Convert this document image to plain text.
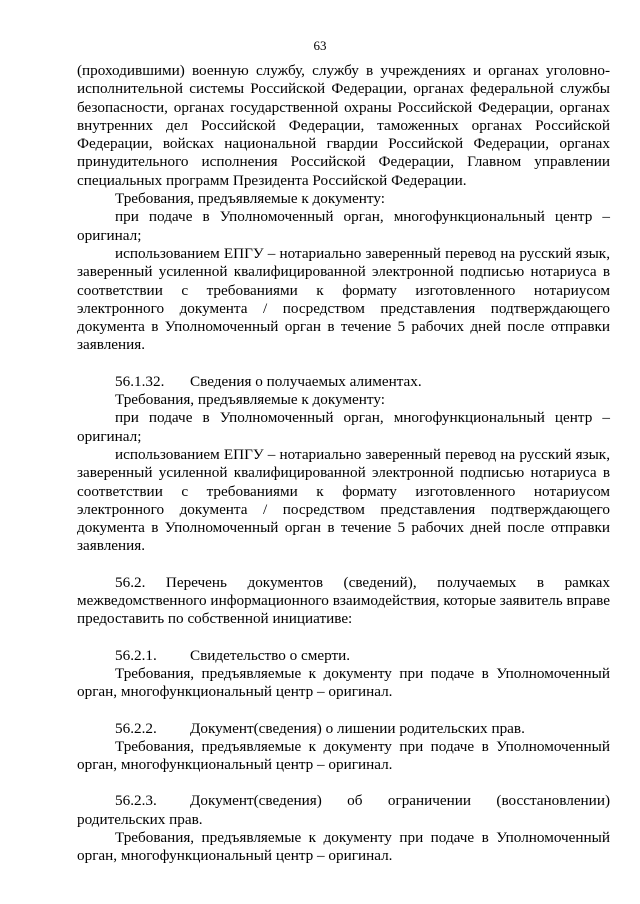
63

(проходившими) военную службу, службу в учреждениях и органах уголовно-исполнительной системы Российской Федерации, органах федеральной службы безопасности, органах государственной охраны Российской Федерации, органах внутренних дел Российской Федерации, таможенных органах Российской Федерации, войсках национальной гвардии Российской Федерации, органах принудительного исполнения Российской Федерации, Главном управлении специальных программ Президента Российской Федерации.

Требования, предъявляемые к документу:

при подаче в Уполномоченный орган, многофункциональный центр – оригинал;

использованием ЕПГУ – нотариально заверенный перевод на русский язык, заверенный усиленной квалифицированной электронной подписью нотариуса в соответствии с требованиями к формату изготовленного нотариусом электронного документа / посредством представления подтверждающего документа в Уполномоченный орган в течение 5 рабочих дней после отправки заявления.

56.1.32. Сведения о получаемых алиментах.

Требования, предъявляемые к документу:

при подаче в Уполномоченный орган, многофункциональный центр – оригинал;

использованием ЕПГУ – нотариально заверенный перевод на русский язык, заверенный усиленной квалифицированной электронной подписью нотариуса в соответствии с требованиями к формату изготовленного нотариусом электронного документа / посредством представления подтверждающего документа в Уполномоченный орган в течение 5 рабочих дней после отправки заявления.

56.2. Перечень документов (сведений), получаемых в рамках межведомственного информационного взаимодействия, которые заявитель вправе предоставить по собственной инициативе:

56.2.1. Свидетельство о смерти.

Требования, предъявляемые к документу при подаче в Уполномоченный орган, многофункциональный центр – оригинал.

56.2.2. Документ(сведения) о лишении родительских прав.

Требования, предъявляемые к документу при подаче в Уполномоченный орган, многофункциональный центр – оригинал.

56.2.3. Документ(сведения) об ограничении (восстановлении) родительских прав.

Требования, предъявляемые к документу при подаче в Уполномоченный орган, многофункциональный центр – оригинал.
